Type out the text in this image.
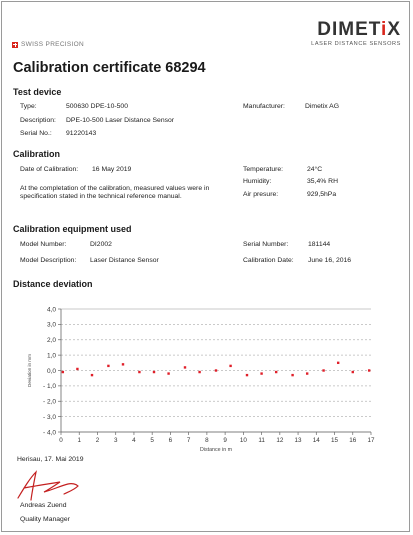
SWISS PRECISION
DIMETiX
LASER DISTANCE SENSORS
Calibration certificate 68294
Test device
Type:	500630 DPE-10-500
Description: DPE-10-500 Laser Distance Sensor
Serial No.: 91220143
Manufacturer:	Dimetix AG
Calibration
Date of Calibration: 16 May 2019	Temperature:	24°C
Humidity:	35,4% RH
Air presure:	929,5hPa
At the completation of the calibration, measured values were in specification stated in the technical reference manual.
Calibration equipment used
Model Number:	DI2002
Model Description: Laser Distance Sensor
Serial Number:	181144
Calibration Date: June 16, 2016
Distance deviation
4,0
3,0
2,0
1,0
0,0
- 1,0
- 2,0
- 3,0
- 4,0
0 1 2 3 4 5 6 7 8 9 10 11 12 13 14 15 16 17
Distance in m
Deviation in mm
Herisau, 17. Mai 2019
Andreas Zuend
Quality Manager
